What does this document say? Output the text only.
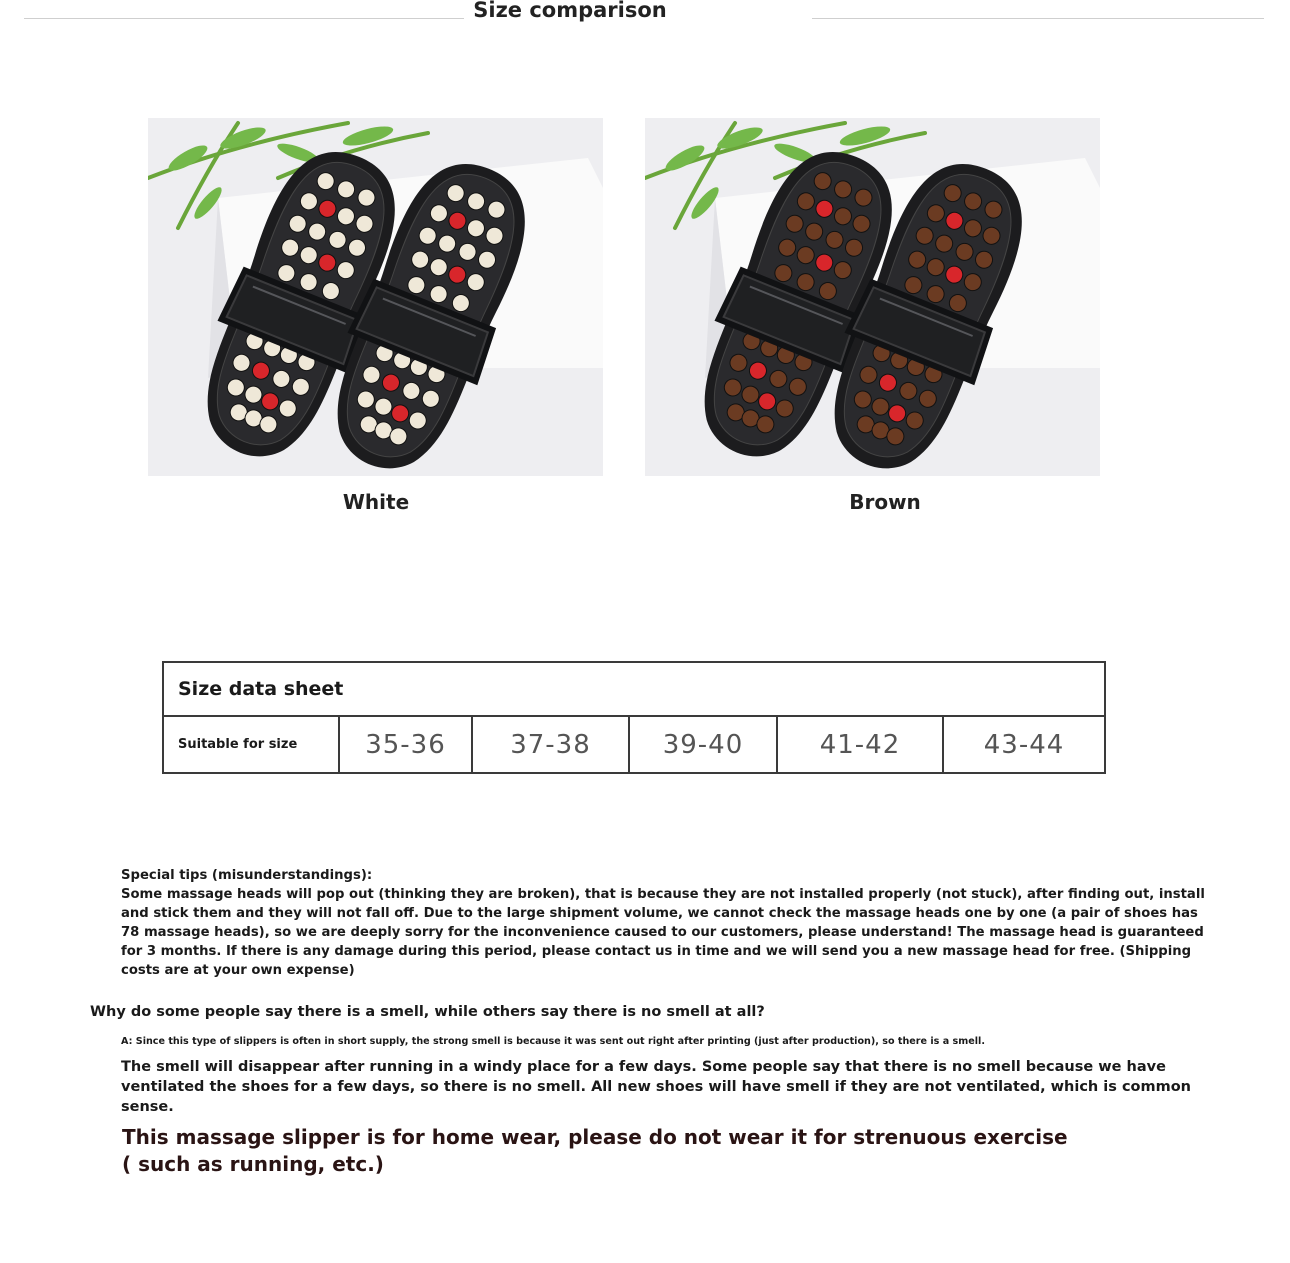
Size comparison
White	Brown
Size data sheet
Suitable for size	35-36	37-38	39-40	41-42	43-44

Special tips (misunderstandings):

Some massage heads will pop out (thinking they are broken), that is because they are not installed properly (not stuck), after finding out, install and stick them and they will not fall off. Due to the large shipment volume, we cannot check the massage heads one by one (a pair of shoes has 78 massage heads), so we are deeply sorry for the inconvenience caused to our customers, please understand! The massage head is guaranteed for 3 months. If there is any damage during this period, please contact us in time and we will send you a new massage head for free. (Shipping costs are at your own expense)

Why do some people say there is a smell, while others say there is no smell at all?
A: Since this type of slippers is often in short supply, the strong smell is because it was sent out right after printing (just after production), so there is a smell.
The smell will disappear after running in a windy place for a few days. Some people say that there is no smell because we have ventilated the shoes for a few days, so there is no smell. All new shoes will have smell if they are not ventilated, which is common sense.
This massage slipper is for home wear, please do not wear it for strenuous exercise ( such as running, etc.)
